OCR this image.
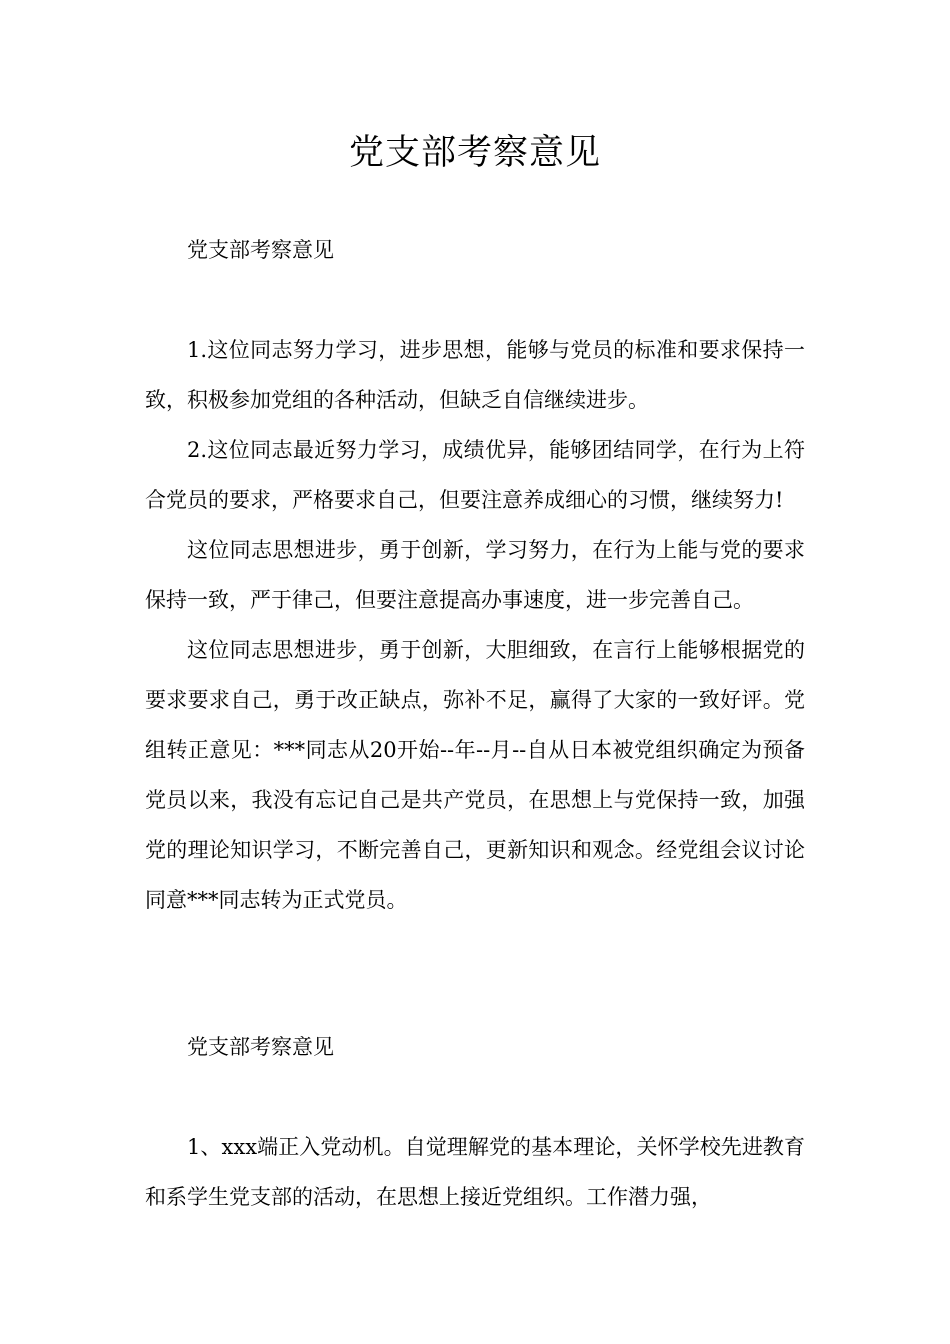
党支部考察意见

党支部考察意见

1.这位同志努力学习，进步思想，能够与党员的标准和要求保持一致，积极参加党组的各种活动，但缺乏自信继续进步。

2.这位同志最近努力学习，成绩优异，能够团结同学，在行为上符合党员的要求，严格要求自己，但要注意养成细心的习惯，继续努力!

这位同志思想进步，勇于创新，学习努力，在行为上能与党的要求保持一致，严于律己，但要注意提高办事速度，进一步完善自己。

这位同志思想进步，勇于创新，大胆细致，在言行上能够根据党的要求要求自己，勇于改正缺点，弥补不足，赢得了大家的一致好评。党组转正意见：***同志从20开始--年--月--自从日本被党组织确定为预备党员以来，我没有忘记自己是共产党员，在思想上与党保持一致，加强党的理论知识学习，不断完善自己，更新知识和观念。经党组会议讨论同意***同志转为正式党员。

党支部考察意见

1、xxx端正入党动机。自觉理解党的基本理论，关怀学校先进教育和系学生党支部的活动，在思想上接近党组织。工作潜力强，
